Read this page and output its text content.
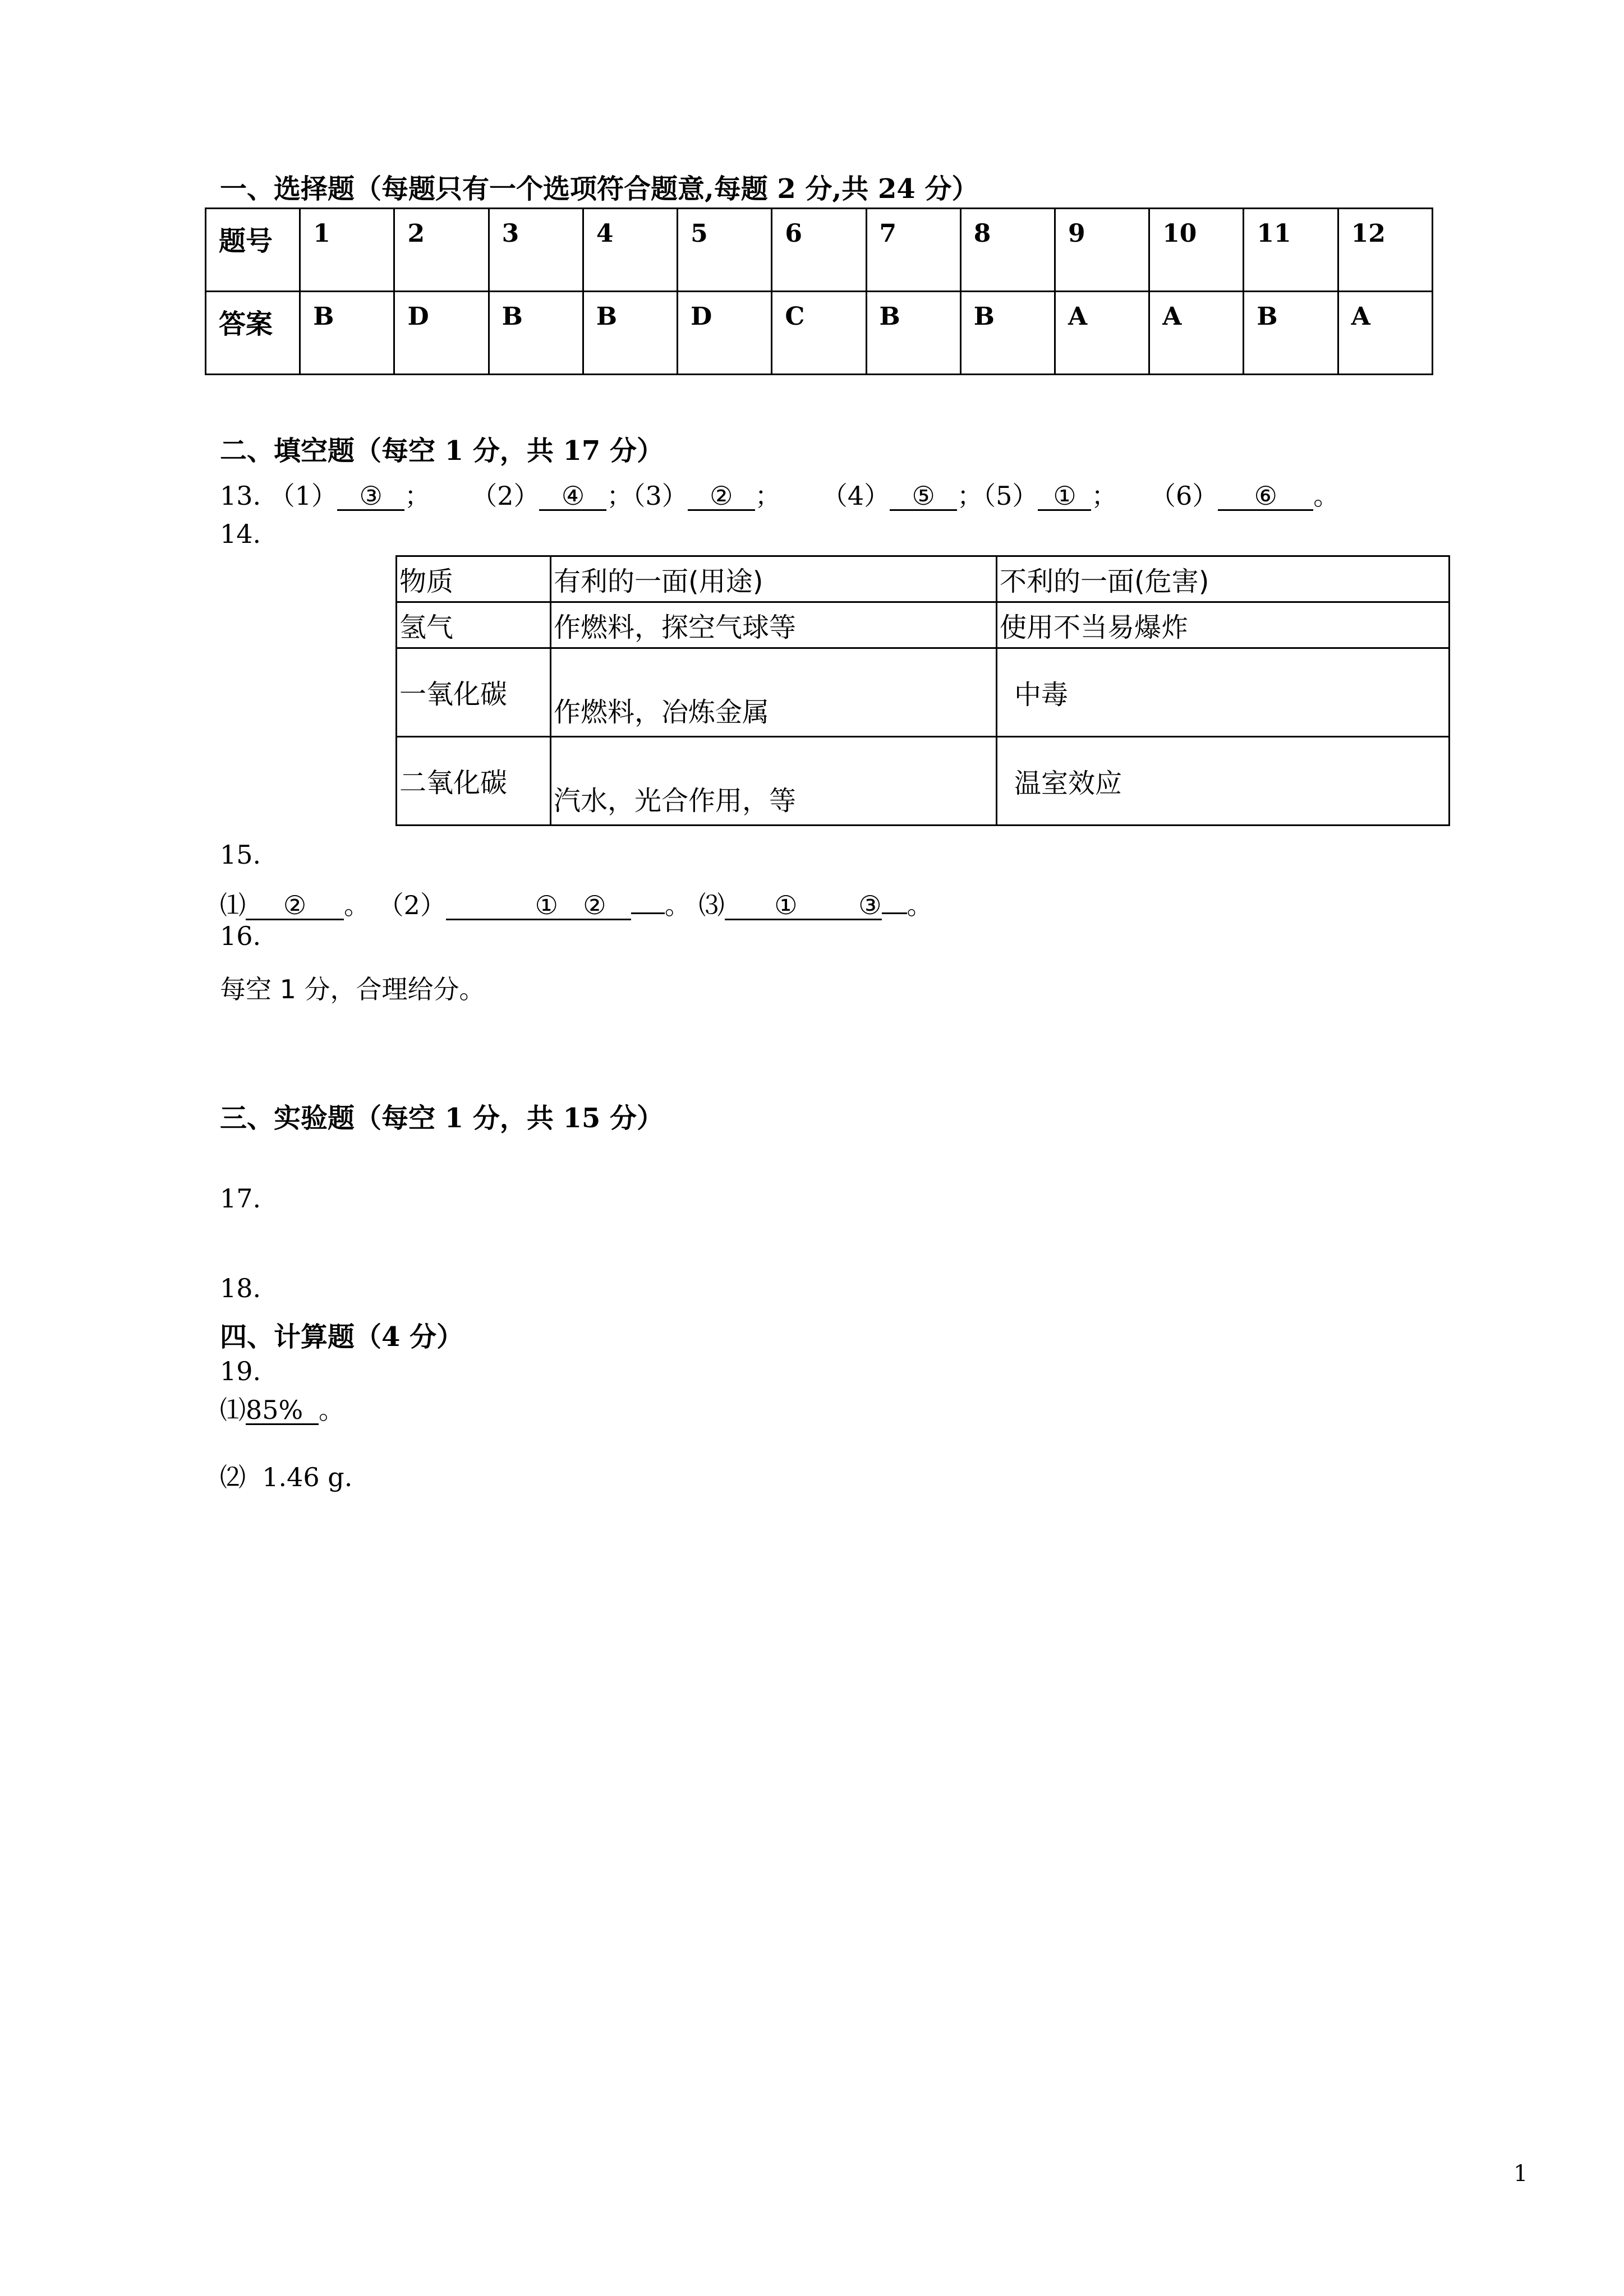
一、选择题（每题只有一个选项符合题意,每题 2 分,共 24 分）
题号	1	2	3	4	5	6	7	8	9	10	11	12
答案	B	D	B	B	D	C	B	B	A	A	B	A
二、填空题（每空 1 分，共 17 分）
13. （1） ③ ；     （2） ④ ；（3） ② ；     （4） ⑤ ；（5） ① ；    （6） ⑥ 。
14.
物质	有利的一面(用途)	不利的一面(危害)
氢气	作燃料，探空气球等	使用不当易爆炸
一氧化碳	作燃料，冶炼金属	中毒
二氧化碳	汽水，光合作用，等	温室效应
15.
⑴ ② 。 （2）	① ② 。 ⑶ ① ③ 。
16.
每空 1 分，合理给分。
三、实验题（每空 1 分，共 15 分）
17.
18.
四、计算题（4 分）
19.
⑴85% 。
⑵ 1.46 g.
1
